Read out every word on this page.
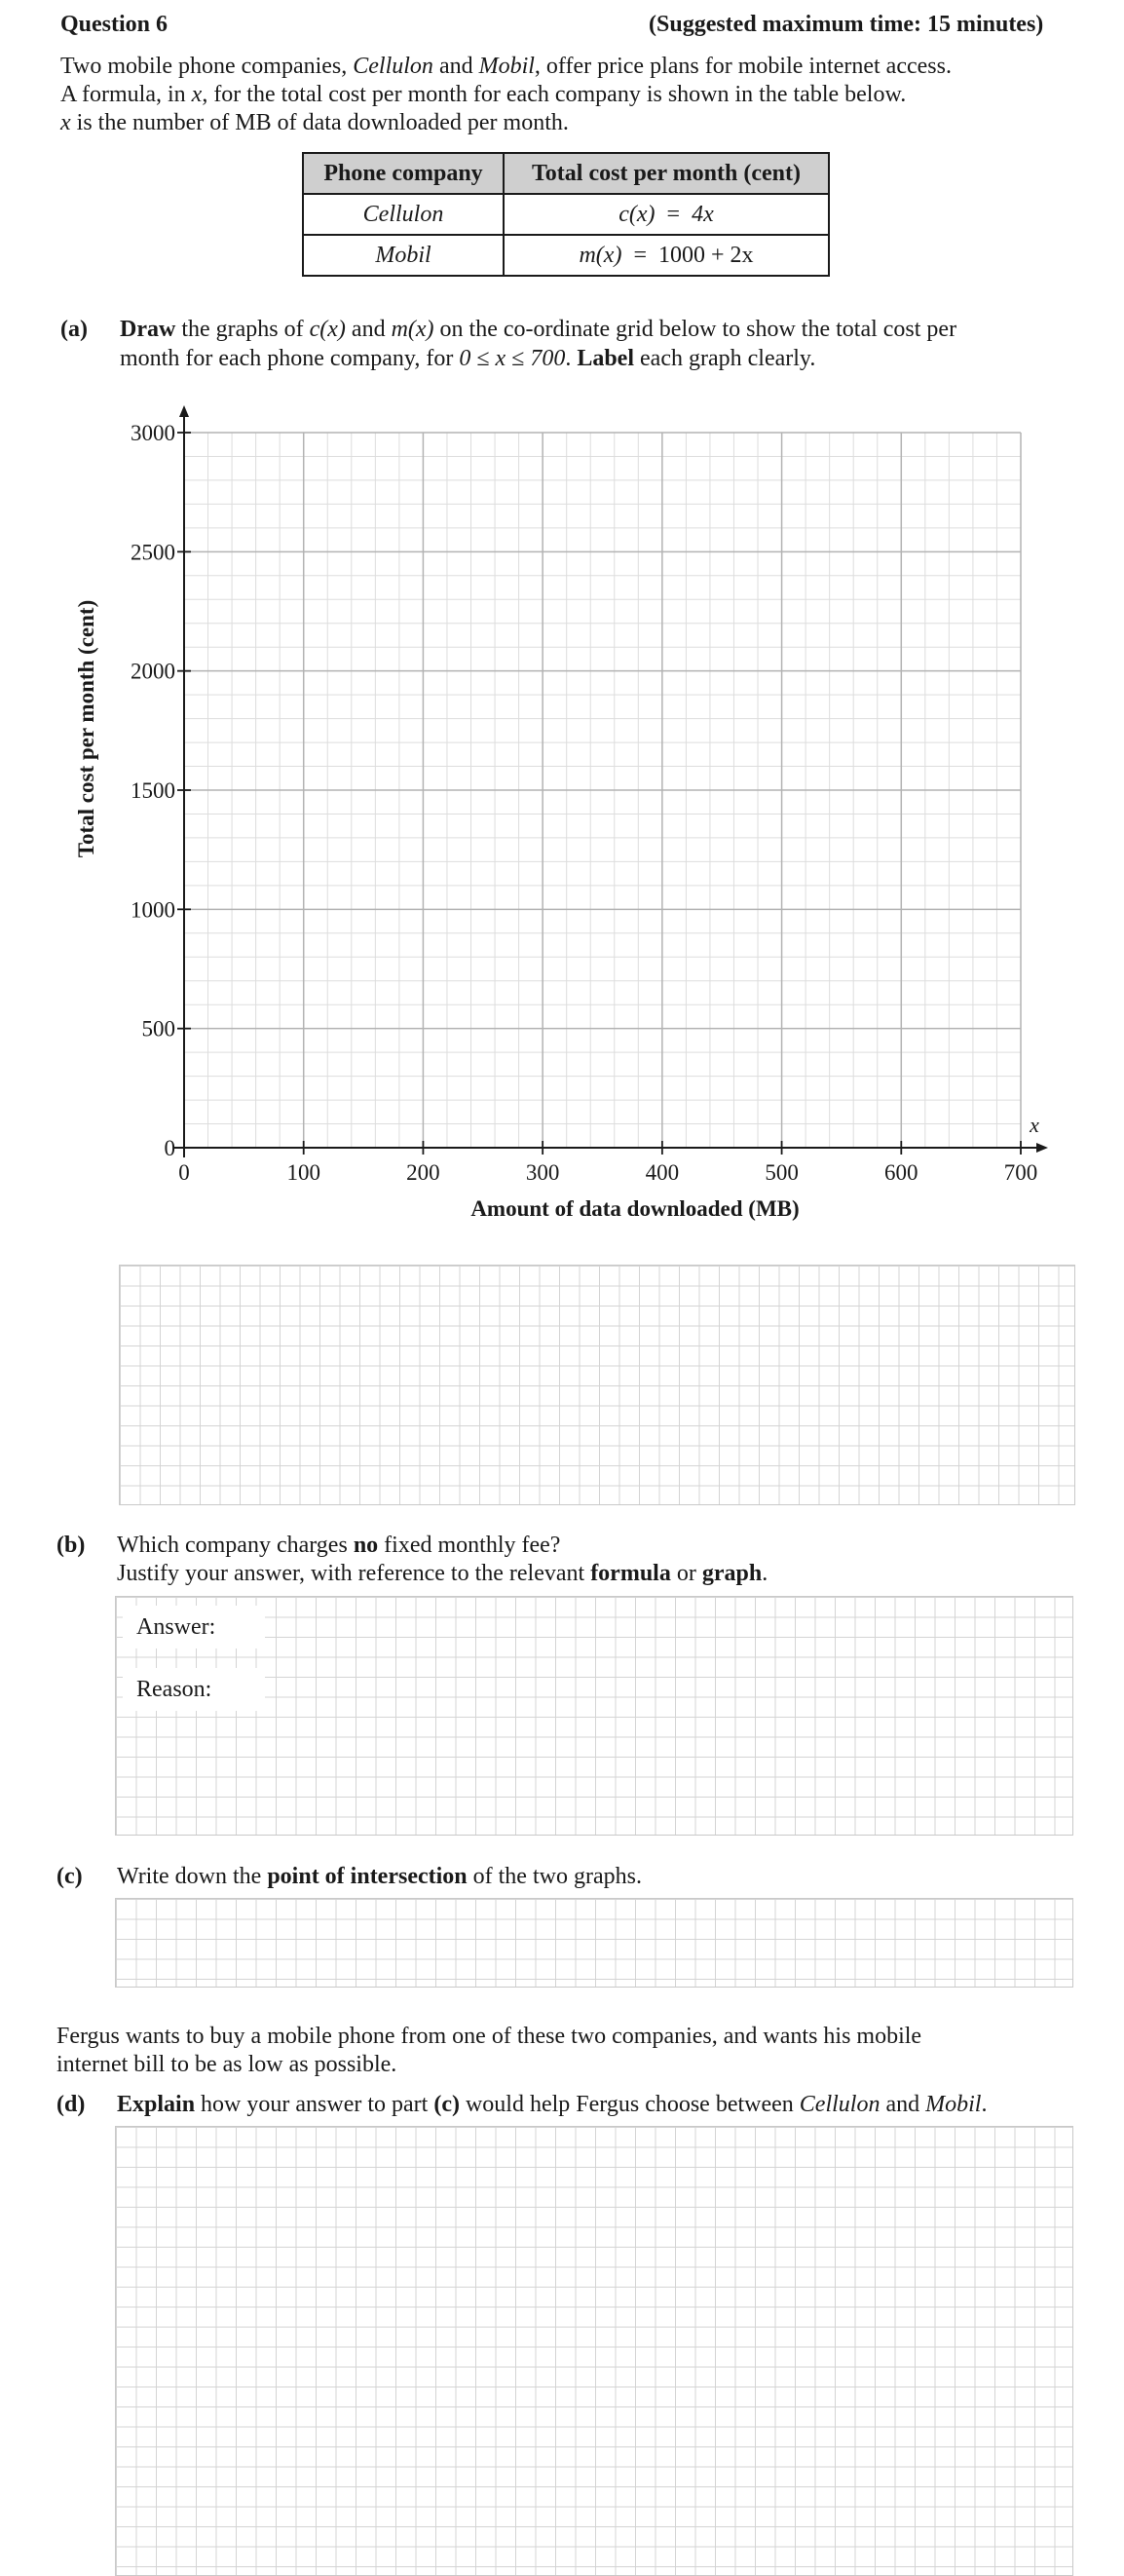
Question 6	(Suggested maximum time: 15 minutes)
Two mobile phone companies, Cellulon and Mobil, offer price plans for mobile internet access.
A formula, in x, for the total cost per month for each company is shown in the table below.
x is the number of MB of data downloaded per month.
Phone company	Total cost per month (cent)
Cellulon	c(x) = 4x
Mobil	m(x) = 1000 + 2x
(a) Draw the graphs of c(x) and m(x) on the co-ordinate grid below to show the total cost per
month for each phone company, for 0 ≤ x ≤ 700. Label each graph clearly.
Total cost per month (cent)
Amount of data downloaded (MB)
x
0	100	200	300	400	500	600	700
0
500
1000
1500
2000
2500
3000
(b) Which company charges no fixed monthly fee?
Justify your answer, with reference to the relevant formula or graph.
Answer:
Reason:
(c) Write down the point of intersection of the two graphs.
Fergus wants to buy a mobile phone from one of these two companies, and wants his mobile
internet bill to be as low as possible.
(d) Explain how your answer to part (c) would help Fergus choose between Cellulon and Mobil.
